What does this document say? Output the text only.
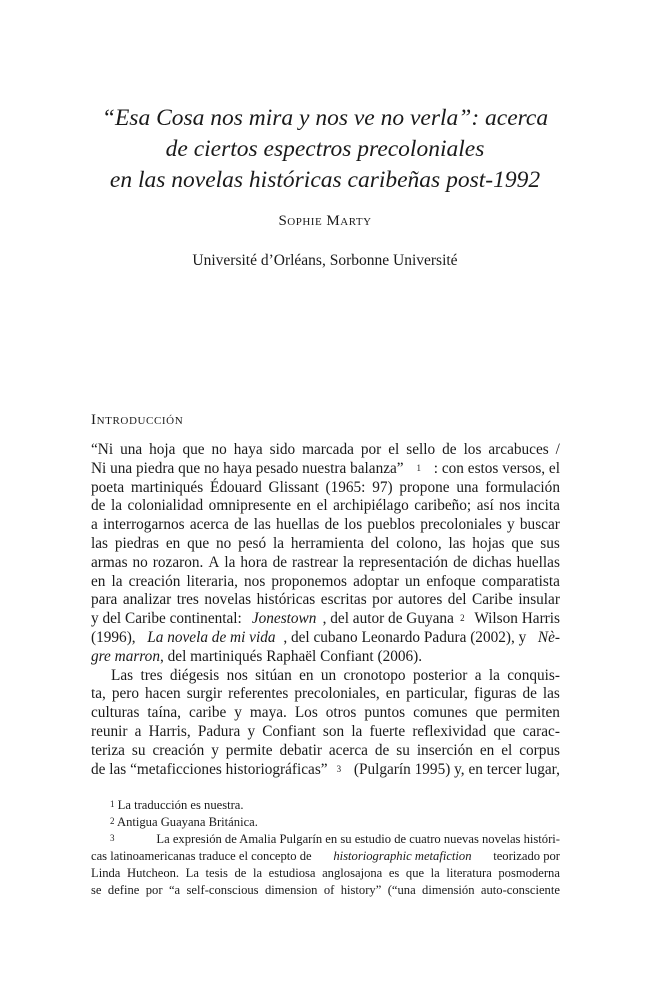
“Esa Cosa nos mira y nos ve no verla”: acerca
de ciertos espectros precoloniales
en las novelas históricas caribeñas post-1992
Sophie Marty
Université d’Orléans, Sorbonne Université
Introducción
“Ni una hoja que no haya sido marcada por el sello de los arcabuces /
Ni una piedra que no haya pesado nuestra balanza” $^1$ : con estos versos, el
poeta martiniqués Édouard Glissant (1965: 97) propone una formulación
de la colonialidad omnipresente en el archipiélago caribeño; así nos incita
a interrogarnos acerca de las huellas de los pueblos precoloniales y buscar
las piedras en que no pesó la herramienta del colono, las hojas que sus
armas no rozaron. A la hora de rastrear la representación de dichas huellas
en la creación literaria, nos proponemos adoptar un enfoque comparatista
para analizar tres novelas históricas escritas por autores del Caribe insular
y del Caribe continental: Jonestown , del autor de Guyana $^2$ Wilson Harris
(1996), La novela de mi vida , del cubano Leonardo Padura (2002), y Nè-
gre marron, del martiniqués Raphaël Confiant (2006).
Las tres diégesis nos sitúan en un cronotopo posterior a la conquis-
ta, pero hacen surgir referentes precoloniales, en particular, figuras de las
culturas taína, caribe y maya. Los otros puntos comunes que permiten
reunir a Harris, Padura y Confiant son la fuerte reflexividad que carac-
teriza su creación y permite debatir acerca de su inserción en el corpus
de las “metaficciones historiográficas” $^3$ (Pulgarín 1995) y, en tercer lugar,
$^1$ La traducción es nuestra.
$^2$ Antigua Guayana Británica.
$^3$	La expresión de Amalia Pulgarín en su estudio de cuatro nuevas novelas históri-
cas latinoamericanas traduce el concepto de historiographic metafiction teorizado por
Linda Hutcheon. La tesis de la estudiosa anglosajona es que la literatura posmoderna
se define por “a self-conscious dimension of history” (“una dimensión auto-consciente
